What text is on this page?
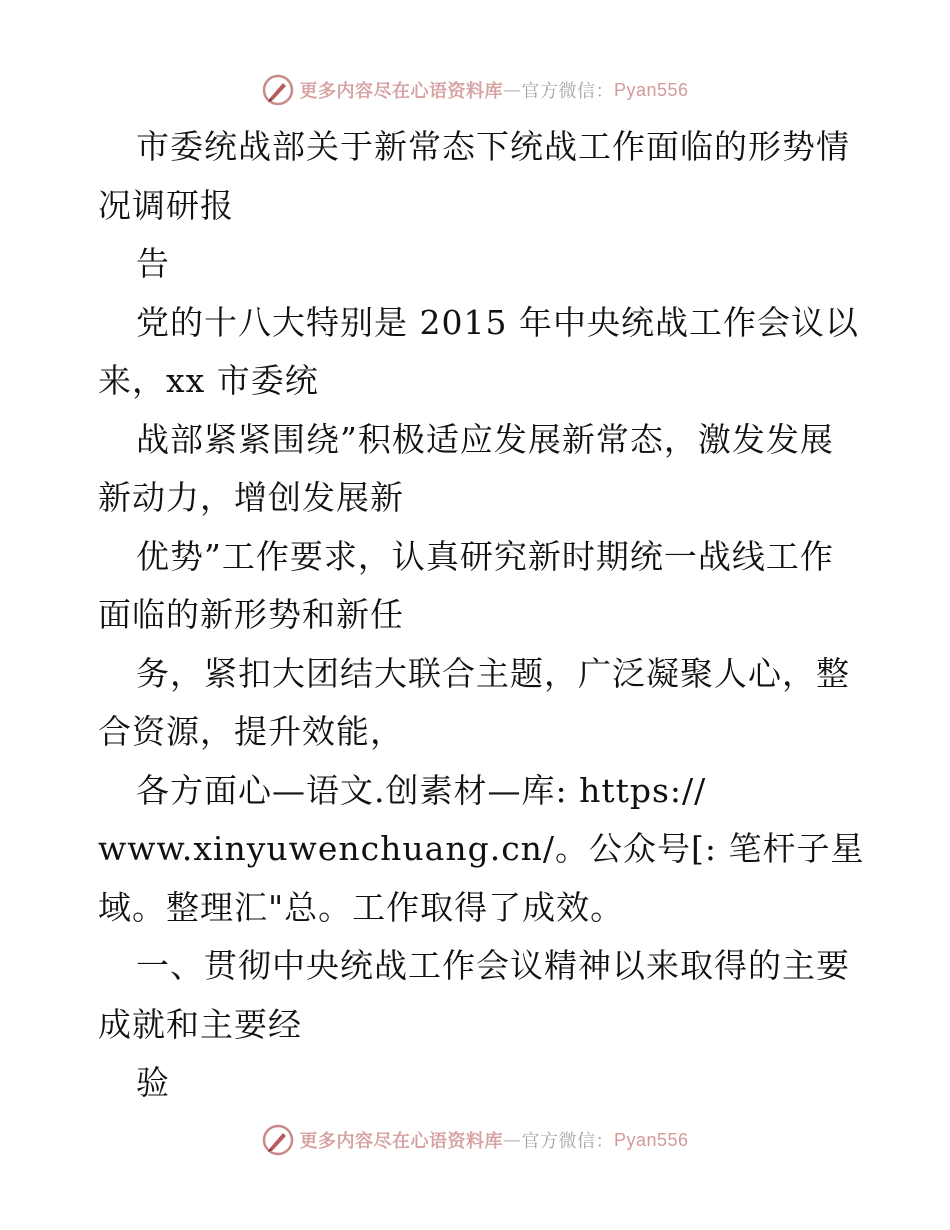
更多内容尽在心语资料库 — 官方微信： Pyan556
市委统战部关于新常态下统战工作面临的形势情
况调研报
告
党的十八大特别是 2015 年中央统战工作会议以
来，xx 市委统
战部紧紧围绕”积极适应发展新常态，激发发展
新动力，增创发展新
优势”工作要求，认真研究新时期统一战线工作
面临的新形势和新任
务，紧扣大团结大联合主题，广泛凝聚人心，整
合资源，提升效能，
各方面心—语文.创素材—库: https://
www.xinyuwenchuang.cn/。公众号[: 笔杆子星
域。整理汇"总。工作取得了成效。
一、贯彻中央统战工作会议精神以来取得的主要
成就和主要经
验
更多内容尽在心语资料库 — 官方微信： Pyan556
